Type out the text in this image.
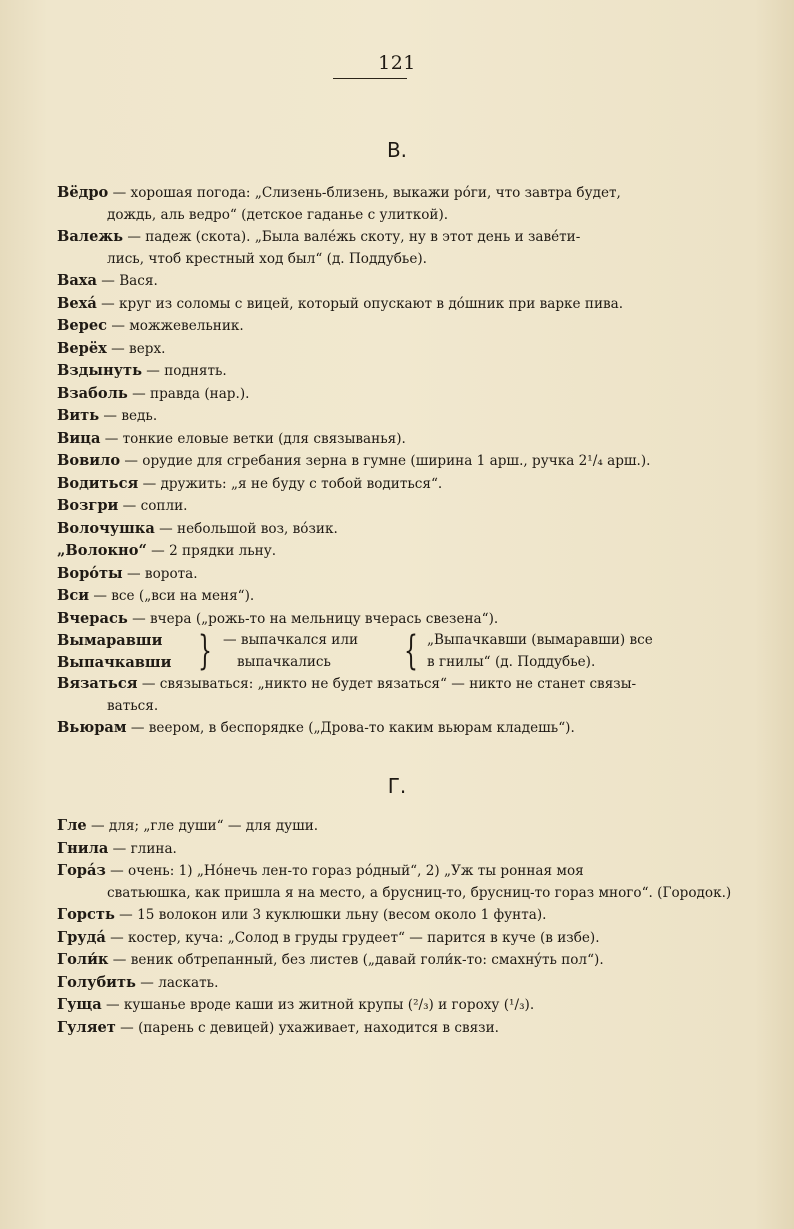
121
В.

Вёдро — хорошая погода: „Слизень-близень, выкажи рόги, что завтра будет,

дождь, аль ведро“ (детское гаданье с улиткой).

Валежь — падеж (скота). „Была валéжь скоту, ну в этот день и завéти-

лись, чтоб крестный ход был“ (д. Поддубье).

Ваха — Вася.

Вехá — круг из соломы с вицей, который опускают в дόшник при варке пива.

Верес — можжевельник.

Верёх — верх.

Вздынуть — поднять.

Взаболь — правда (нар.).

Вить — ведь.

Вица — тонкие еловые ветки (для связыванья).

Вовило — орудие для сгребания зерна в гумне (ширина 1 арш., ручка 2¹/₄ арш.).

Водиться — дружить: „я не буду с тобой водиться“.

Возгри — сопли.

Волочушка — небольшой воз, вόзик.

„Волокно“ — 2 прядки льну.

Ворόты — ворота.

Вси — все („вси на меня“).

Вчерась — вчера („рожь-то на мельницу вчерась свезена“).

Вымаравши
Выпачкавши } — выпачкался или
выпачкались	{ „Выпачкавши (вымаравши) все
в гнилы“ (д. Поддубье).

Вязаться — связываться: „никто не будет вязаться“ — никто не станет связы-

ваться.

Вьюрам — веером, в беспорядке („Дрова-то каким вьюрам кладешь“).

Г.

Гле — для; „гле души“ — для души.

Гнила — глина.

Горáз — очень: 1) „Нόнечь лен-то гораз рόдный“, 2) „Уж ты ронная моя

сватьюшка, как пришла я на место, а брусниц-то, брусниц-то гораз много“. (Городок.)

Горсть — 15 волокон или 3 куклюшки льну (весом около 1 фунта).

Грудá — костер, куча: „Солод в груды грудеет“ — парится в куче (в избе).

Голи́к — веник обтрепанный, без листев („давай голи́к-то: смахнýть пол“).

Голубить — ласкать.

Гуща — кушанье вроде каши из житной крупы (²/₃) и гороху (¹/₃).

Гуляет — (парень с девицей) ухаживает, находится в связи.
